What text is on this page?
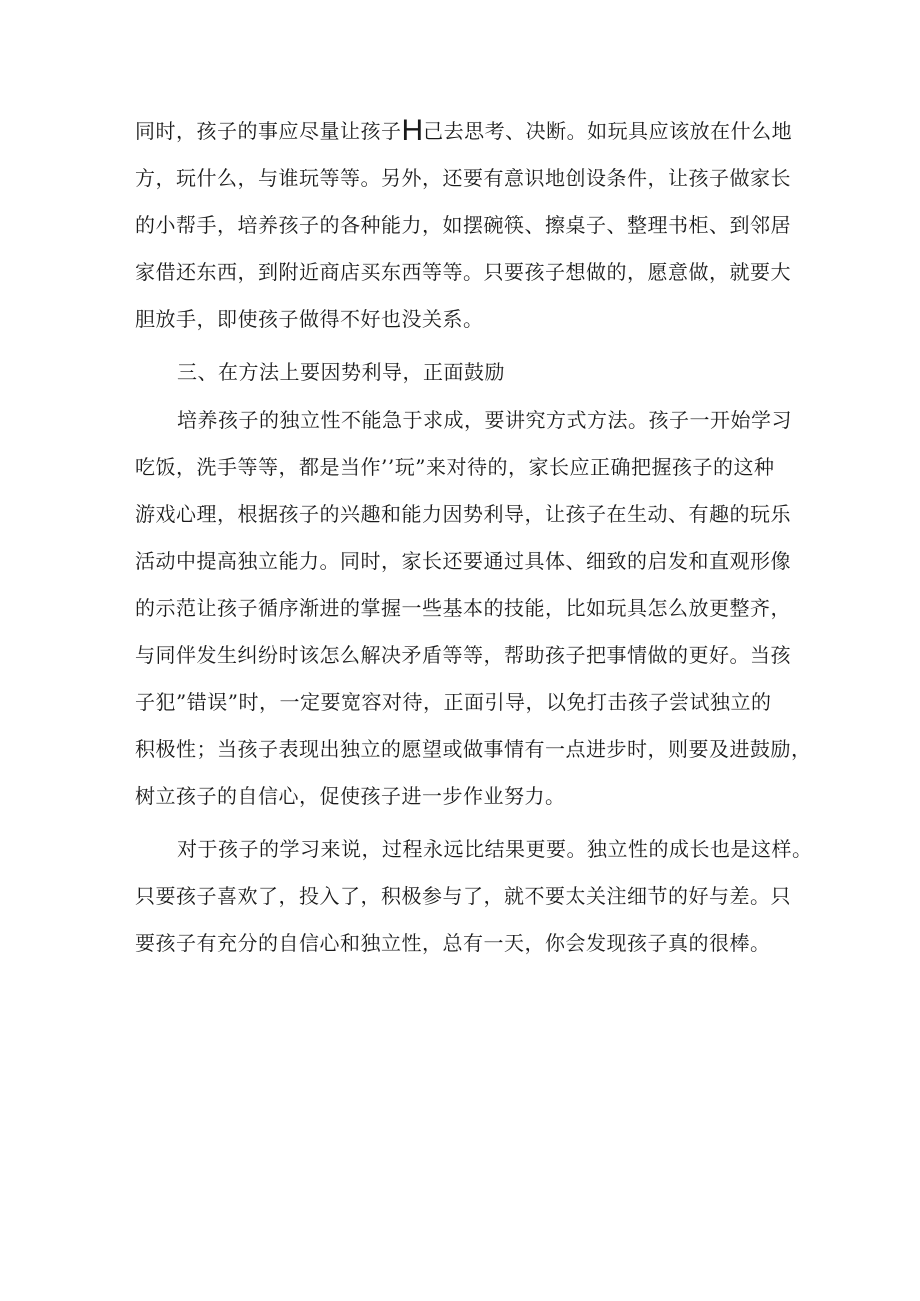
同时，孩子的事应尽量让孩子H己去思考、决断。如玩具应该放在什么地
方，玩什么，与谁玩等等。另外，还要有意识地创设条件，让孩子做家长
的小帮手，培养孩子的各种能力，如摆碗筷、擦桌子、整理书柜、到邻居
家借还东西，到附近商店买东西等等。只要孩子想做的，愿意做，就要大
胆放手，即使孩子做得不好也没关系。
三、在方法上要因势利导，正面鼓励
培养孩子的独立性不能急于求成，要讲究方式方法。孩子一开始学习
吃饭，洗手等等，都是当作’’玩”来对待的，家长应正确把握孩子的这种
游戏心理，根据孩子的兴趣和能力因势利导，让孩子在生动、有趣的玩乐
活动中提高独立能力。同时，家长还要通过具体、细致的启发和直观形像
的示范让孩子循序渐进的掌握一些基本的技能，比如玩具怎么放更整齐，
与同伴发生纠纷时该怎么解决矛盾等等，帮助孩子把事情做的更好。当孩
子犯”错误”时，一定要宽容对待，正面引导，以免打击孩子尝试独立的
积极性；当孩子表现出独立的愿望或做事情有一点进步时，则要及进鼓励，
树立孩子的自信心，促使孩子进一步作业努力。
对于孩子的学习来说，过程永远比结果更要。独立性的成长也是这样。
只要孩子喜欢了，投入了，积极参与了，就不要太关注细节的好与差。只
要孩子有充分的自信心和独立性，总有一天，你会发现孩子真的很棒。
